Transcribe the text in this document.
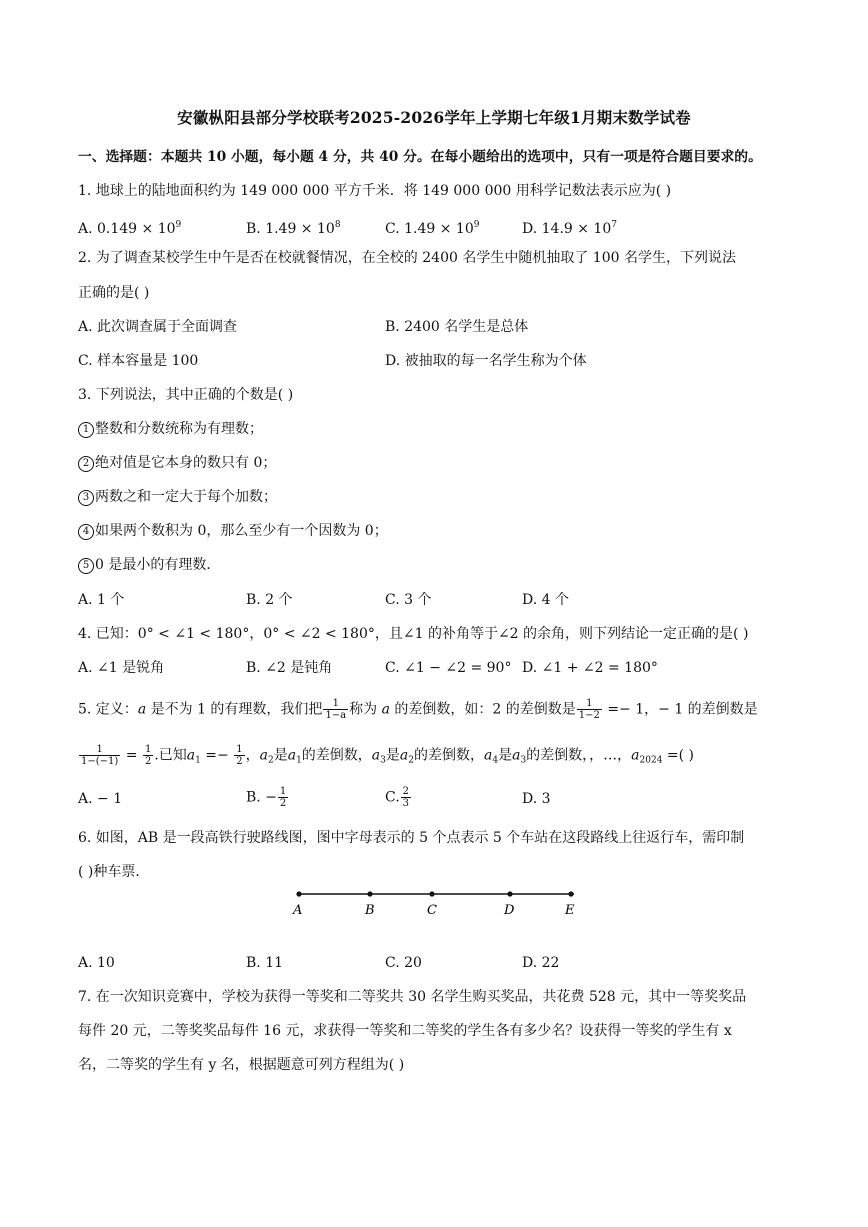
安徽枞阳县部分学校联考2025-2026学年上学期七年级1月期末数学试卷
一、选择题：本题共 10 小题，每小题 4 分，共 40 分。在每小题给出的选项中，只有一项是符合题目要求的。
1. 地球上的陆地面积约为 149 000 000 平方千米．将 149 000 000 用科学记数法表示应为( )
A. $0.149 \times 10^9$	B. $1.49 \times 10^8$	C. $1.49 \times 10^9$	D. $14.9 \times 10^7$
2. 为了调查某校学生中午是否在校就餐情况，在全校的 2400 名学生中随机抽取了 100 名学生，下列说法
正确的是( )
A. 此次调查属于全面调查	B. 2400 名学生是总体
C. 样本容量是 100	D. 被抽取的每一名学生称为个体
3. 下列说法，其中正确的个数是( )
1 整数和分数统称为有理数；
2 绝对值是它本身的数只有 0；
3 两数之和一定大于每个加数；
4 如果两个数积为 0，那么至少有一个因数为 0；
5 0 是最小的有理数．
A. 1 个	B. 2 个	C. 3 个	D. 4 个
4. 已知：0° < ∠1 < 180°，0° < ∠2 < 180°，且∠1 的补角等于∠2 的余角，则下列结论一定正确的是( )
A. ∠1 是锐角	B. ∠2 是钝角	C. ∠1 − ∠2 = 90° D. ∠1 + ∠2 = 180°
5. 定义：a 是不为 1 的有理数，我们把 $\frac{1}{1-a}$ 称为 a 的差倒数，如：2 的差倒数是 $\frac{1}{1-2} =- 1$，− 1 的差倒数是
$\frac{1}{1-(-1)} = \frac{1}{2}$ .已知$a_1 =- \frac{1}{2}$ ，$a_2$是$a_1$的差倒数，$a_3$是$a_2$的差倒数，$a_4$是$a_3$的差倒数，，…，$a_{2024}$ =( )
A. − 1	B. − $\frac{1}{2}$	C. $\frac{2}{3}$	D. 3
6. 如图，AB 是一段高铁行驶路线图，图中字母表示的 5 个点表示 5 个车站在这段路线上往返行车，需印制
( )种车票．
A	B	C	D	E
A. 10	B. 11	C. 20	D. 22
7. 在一次知识竞赛中，学校为获得一等奖和二等奖共 30 名学生购买奖品，共花费 528 元，其中一等奖奖品
每件 20 元，二等奖奖品每件 16 元，求获得一等奖和二等奖的学生各有多少名？设获得一等奖的学生有 x
名，二等奖的学生有 y 名，根据题意可列方程组为( )
